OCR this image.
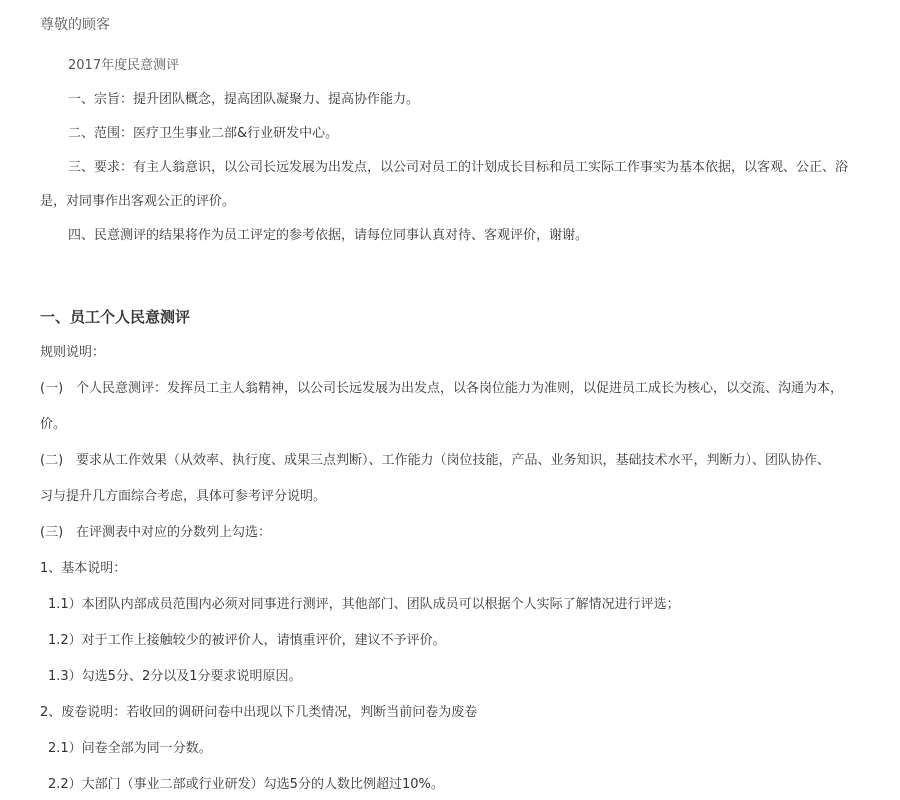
尊敬的顾客
2017年度民意测评
一、宗旨：提升团队概念，提高团队凝聚力、提高协作能力。
二、范围：医疗卫生事业二部&行业研发中心。
三、要求：有主人翁意识，以公司长远发展为出发点，以公司对员工的计划成长目标和员工实际工作事实为基本依据，以客观、公正、浴
是，对同事作出客观公正的评价。
四、民意测评的结果将作为员工评定的参考依据，请每位同事认真对待、客观评价，谢谢。
一、员工个人民意测评
规则说明：
(一) 个人民意测评：发挥员工主人翁精神，以公司长远发展为出发点，以各岗位能力为准则，以促进员工成长为核心，以交流、沟通为本，
价。
(二) 要求从工作效果（从效率、执行度、成果三点判断）、工作能力（岗位技能，产品、业务知识，基础技术水平，判断力）、团队协作、
习与提升几方面综合考虑，具体可参考评分说明。
(三) 在评测表中对应的分数列上勾选：
1、基本说明：
1.1）本团队内部成员范围内必须对同事进行测评，其他部门、团队成员可以根据个人实际了解情况进行评选；
1.2）对于工作上接触较少的被评价人，请慎重评价，建议不予评价。
1.3）勾选5分、2分以及1分要求说明原因。
2、废卷说明：若收回的调研问卷中出现以下几类情况，判断当前问卷为废卷
2.1）问卷全部为同一分数。
2.2）大部门（事业二部或行业研发）勾选5分的人数比例超过10%。
